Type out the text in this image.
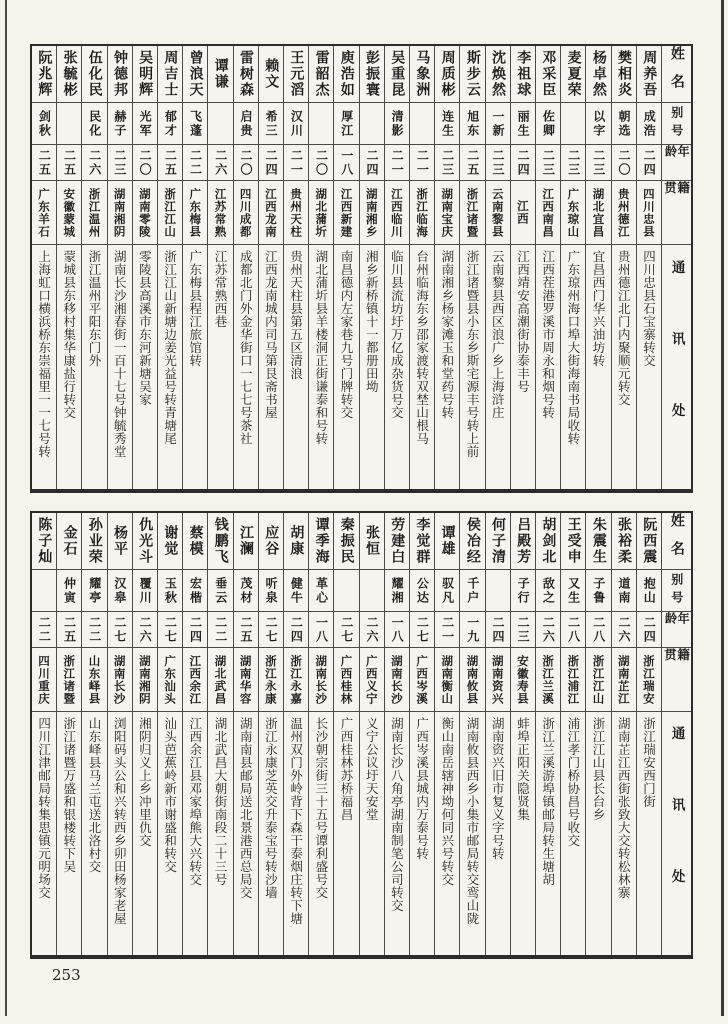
姓名
别号
年龄
籍贯
通讯处
周养吾
成浩
二四
四川忠县
四川忠县石宝寨转交
樊相炎
朝选
二〇
贵州德江
贵州德江北门内聚顺元转交
杨卓然
以字
二三
湖北宜昌
宜昌西门华兴油坊转
麦夏荣
二三
广东琼山
广东琼州海口埠大街海南书局收转
邓采臣
佐卿
二三
江西南昌
江西茬港罗溪市周永和烟号转
李祖球
丽生
二四
江西
江西靖安高潮街协泰丰号
沈焕然
一新
二三
云南黎县
云南黎县西区浪广乡上海浒庄
斯步云
旭东
二五
浙江诸暨
浙江诸暨县小东乡斯宅源丰号转上前
周质彬
连生
二三
湖南宝庆
湖南湘乡杨家滩玉和堂药号转
马象洲
二一
浙江临海
台州临海东乡邵家渡转双埜山根马
吴重昆
清影
二一
江西临川
临川县流坊圩万亿成杂货号交
彭振寰
二四
湖南湘乡
湘乡新桥镇十一都册田坳
庾浩如
厚江
一八
江西新建
南昌德内左家巷九号门牌转交
雷韶杰
二〇
湖北蒲圻
湖北蒲圻县羊楼洞正街谦泰和号转
王元滔
汉川
二一
贵州天柱
贵州天柱县第五区清浪
赖文
希三
二四
江西龙南
江西龙南城内司马第艮斋书屋
雷树森
启贵
二〇
四川成都
成都北门外金华街口一七七号茶社
谭谦
二六
江苏常熟
江苏常熟西巷
曾浪天
飞蓬
二二
广东梅县
广东梅县程江旅馆转
周吉士
郁才
二五
浙江江山
浙江江山新塘边姜光益号转青塘尾
吴明辉
光军
二〇
湖南零陵
零陵县高溪市东河新塘吴家
钟德邦
赫子
二三
湖南湘阴
湖南长沙湘春街一百十七号钟毓秀堂
伍化民
民化
二六
浙江温州
浙江温州平阳东门外
张毓彬
二五
安徽蒙城
蒙城县东移村集华康盐行转交
阮兆辉
剑秋
二五
广东羊石
上海虹口横浜桥东崇福里一一七号转
姓名
别号
年龄
籍贯
通讯处
阮西震
抱山
二四
浙江瑞安
浙江瑞安西门街
张裕柔
道南
二六
湖南芷江
湖南芷江西街张致大交转松林寨
朱震生
子鲁
二八
浙江江山
浙江江山县长台乡
王受申
又生
二八
浙江浦江
浦江孝门桥协昌号收交
胡剑北
敌之
二六
浙江兰溪
浙江兰溪游埠镇邮局转生塘胡
吕殿芳
子行
二三
安徽寿县
蚌埠正阳关隐贤集
何子清
二四
湖南资兴
湖南资兴旧市复义字号转
侯冶经
千户
一九
湖南攸县
湖南攸县西乡小集市邮局转交鸾山陇
谭雄
驭凡
二一
湖南衡山
衡山南岳辖神坳何同兴号转交
李觉群
公达
二七
广西岑溪
广西岑溪县城内万泰号转
劳建白
耀湘
一八
湖南长沙
湖南长沙八角亭湖南制笔公司转交
张恒
二六
广西义宁
义宁公议圩天安堂
秦振民
二七
广西桂林
广西桂林苏桥福昌
谭季海
革心
一八
湖南长沙
长沙朝宗街三十五号谭利盛号交
胡康
健牛
二四
浙江永嘉
温州双门外岭背下森干泰烟庄转下塘
应谷
听泉
二七
浙江永康
浙江永康芝英交升泰宝号转沙墙
江澜
茂材
二五
湖南华容
湖南南县邮局送北景港西总局交
钱鹏飞
垂云
二二
湖北武昌
湖北武昌大朝街南段二十三号
蔡模
宏楷
二四
江西余江
江西余江县邓家埠熊大兴转交
谢觉
玉秋
二七
广东汕头
汕头芭蕉岭新市谢盛和转交
仇光斗
覆川
二六
湖南湘阴
湘阴归义上乡冲里仇交
杨平
汉皋
二七
湖南长沙
浏阳码头公和兴转西乡卯田杨家老屋
孙业荣
耀亭
二二
山东峄县
山东峄县马兰屯送北洛村交
金石
仲寅
二五
浙江诸暨
浙江诸暨万盛和银楼转下吴
陈子灿
二二
四川重庆
四川江津邮局转集思镇元明场交
253
